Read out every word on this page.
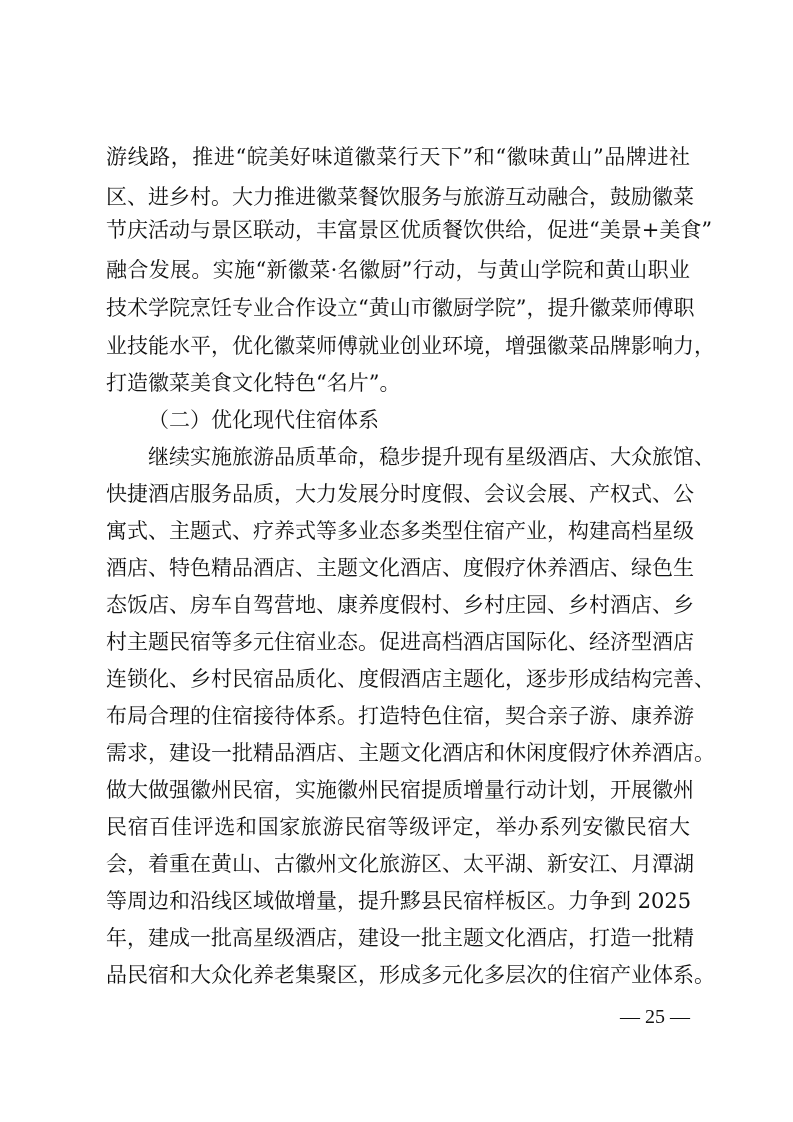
游线路，推进“皖美好味道徽菜行天下”和“徽味黄山”品牌进社
区、进乡村。大力推进徽菜餐饮服务与旅游互动融合，鼓励徽菜
节庆活动与景区联动，丰富景区优质餐饮供给，促进“美景+美食”
融合发展。实施“新徽菜·名徽厨”行动，与黄山学院和黄山职业
技术学院烹饪专业合作设立“黄山市徽厨学院”，提升徽菜师傅职
业技能水平，优化徽菜师傅就业创业环境，增强徽菜品牌影响力，
打造徽菜美食文化特色“名片”。
（二）优化现代住宿体系
继续实施旅游品质革命，稳步提升现有星级酒店、大众旅馆、
快捷酒店服务品质，大力发展分时度假、会议会展、产权式、公
寓式、主题式、疗养式等多业态多类型住宿产业，构建高档星级
酒店、特色精品酒店、主题文化酒店、度假疗休养酒店、绿色生
态饭店、房车自驾营地、康养度假村、乡村庄园、乡村酒店、乡
村主题民宿等多元住宿业态。促进高档酒店国际化、经济型酒店
连锁化、乡村民宿品质化、度假酒店主题化，逐步形成结构完善、
布局合理的住宿接待体系。打造特色住宿，契合亲子游、康养游
需求，建设一批精品酒店、主题文化酒店和休闲度假疗休养酒店。
做大做强徽州民宿，实施徽州民宿提质增量行动计划，开展徽州
民宿百佳评选和国家旅游民宿等级评定，举办系列安徽民宿大
会，着重在黄山、古徽州文化旅游区、太平湖、新安江、月潭湖
等周边和沿线区域做增量，提升黟县民宿样板区。力争到 2025
年，建成一批高星级酒店，建设一批主题文化酒店，打造一批精
品民宿和大众化养老集聚区，形成多元化多层次的住宿产业体系。
— 25 —
